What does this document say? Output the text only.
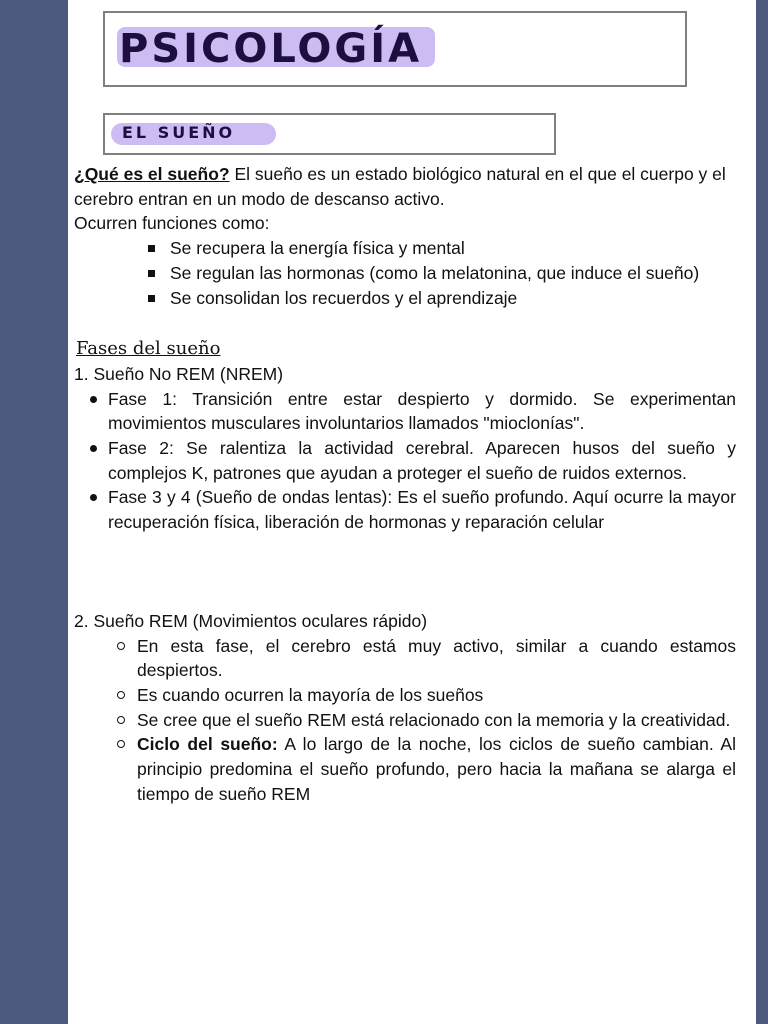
PSICOLOGÍA
EL SUEÑO

¿Qué es el sueño? El sueño es un estado biológico natural en el que el cuerpo y el cerebro entran en un modo de descanso activo.

Ocurren funciones como:

Se recupera la energía física y mental
Se regulan las hormonas (como la melatonina, que induce el sueño)
Se consolidan los recuerdos y el aprendizaje

Fases del sueño

1. Sueño No REM (NREM)

Fase 1: Transición entre estar despierto y dormido. Se experimentan movimientos musculares involuntarios llamados "mioclonías".
Fase 2: Se ralentiza la actividad cerebral. Aparecen husos del sueño y complejos K, patrones que ayudan a proteger el sueño de ruidos externos.
Fase 3 y 4 (Sueño de ondas lentas): Es el sueño profundo. Aquí ocurre la mayor recuperación física, liberación de hormonas y reparación celular

2. Sueño REM (Movimientos oculares rápido)

En esta fase, el cerebro está muy activo, similar a cuando estamos despiertos.
Es cuando ocurren la mayoría de los sueños
Se cree que el sueño REM está relacionado con la memoria y la creatividad.
Ciclo del sueño: A lo largo de la noche, los ciclos de sueño cambian. Al principio predomina el sueño profundo, pero hacia la mañana se alarga el tiempo de sueño REM
